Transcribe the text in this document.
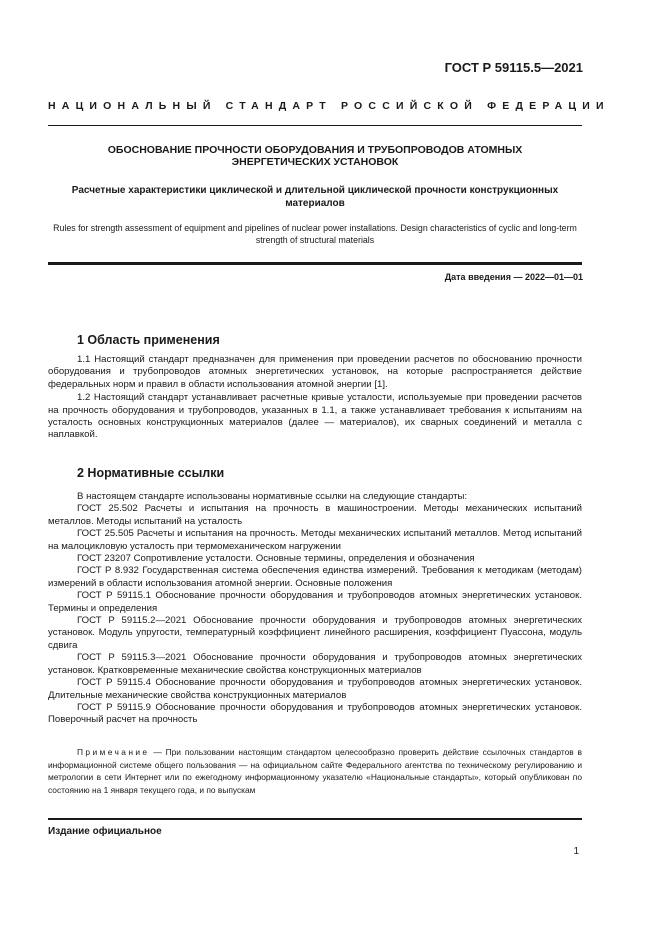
ГОСТ Р 59115.5—2021
НАЦИОНАЛЬНЫЙ СТАНДАРТ РОССИЙСКОЙ ФЕДЕРАЦИИ
ОБОСНОВАНИЕ ПРОЧНОСТИ ОБОРУДОВАНИЯ И ТРУБОПРОВОДОВ АТОМНЫХ ЭНЕРГЕТИЧЕСКИХ УСТАНОВОК
Расчетные характеристики циклической и длительной циклической прочности конструкционных материалов
Rules for strength assessment of equipment and pipelines of nuclear power installations. Design characteristics of cyclic and long-term strength of structural materials
Дата введения — 2022—01—01
1 Область применения

1.1 Настоящий стандарт предназначен для применения при проведении расчетов по обоснованию прочности оборудования и трубопроводов атомных энергетических установок, на которые распространяется действие федеральных норм и правил в области использования атомной энергии [1].

1.2 Настоящий стандарт устанавливает расчетные кривые усталости, используемые при проведении расчетов на прочность оборудования и трубопроводов, указанных в 1.1, а также устанавливает требования к испытаниям на усталость основных конструкционных материалов (далее — материалов), их сварных соединений и металла с наплавкой.

2 Нормативные ссылки

В настоящем стандарте использованы нормативные ссылки на следующие стандарты:

ГОСТ 25.502 Расчеты и испытания на прочность в машиностроении. Методы механических испытаний металлов. Методы испытаний на усталость

ГОСТ 25.505 Расчеты и испытания на прочность. Методы механических испытаний металлов. Метод испытаний на малоцикловую усталость при термомеханическом нагружении

ГОСТ 23207 Сопротивление усталости. Основные термины, определения и обозначения

ГОСТ Р 8.932 Государственная система обеспечения единства измерений. Требования к методикам (методам) измерений в области использования атомной энергии. Основные положения

ГОСТ Р 59115.1 Обоснование прочности оборудования и трубопроводов атомных энергетических установок. Термины и определения

ГОСТ Р 59115.2—2021 Обоснование прочности оборудования и трубопроводов атомных энергетических установок. Модуль упругости, температурный коэффициент линейного расширения, коэффициент Пуассона, модуль сдвига

ГОСТ Р 59115.3—2021 Обоснование прочности оборудования и трубопроводов атомных энергетических установок. Кратковременные механические свойства конструкционных материалов

ГОСТ Р 59115.4 Обоснование прочности оборудования и трубопроводов атомных энергетических установок. Длительные механические свойства конструкционных материалов

ГОСТ Р 59115.9 Обоснование прочности оборудования и трубопроводов атомных энергетических установок. Поверочный расчет на прочность

Примечание — При пользовании настоящим стандартом целесообразно проверить действие ссылочных стандартов в информационной системе общего пользования — на официальном сайте Федерального агентства по техническому регулированию и метрологии в сети Интернет или по ежегодному информационному указателю «Национальные стандарты», который опубликован по состоянию на 1 января текущего года, и по выпускам

Издание официальное
1
